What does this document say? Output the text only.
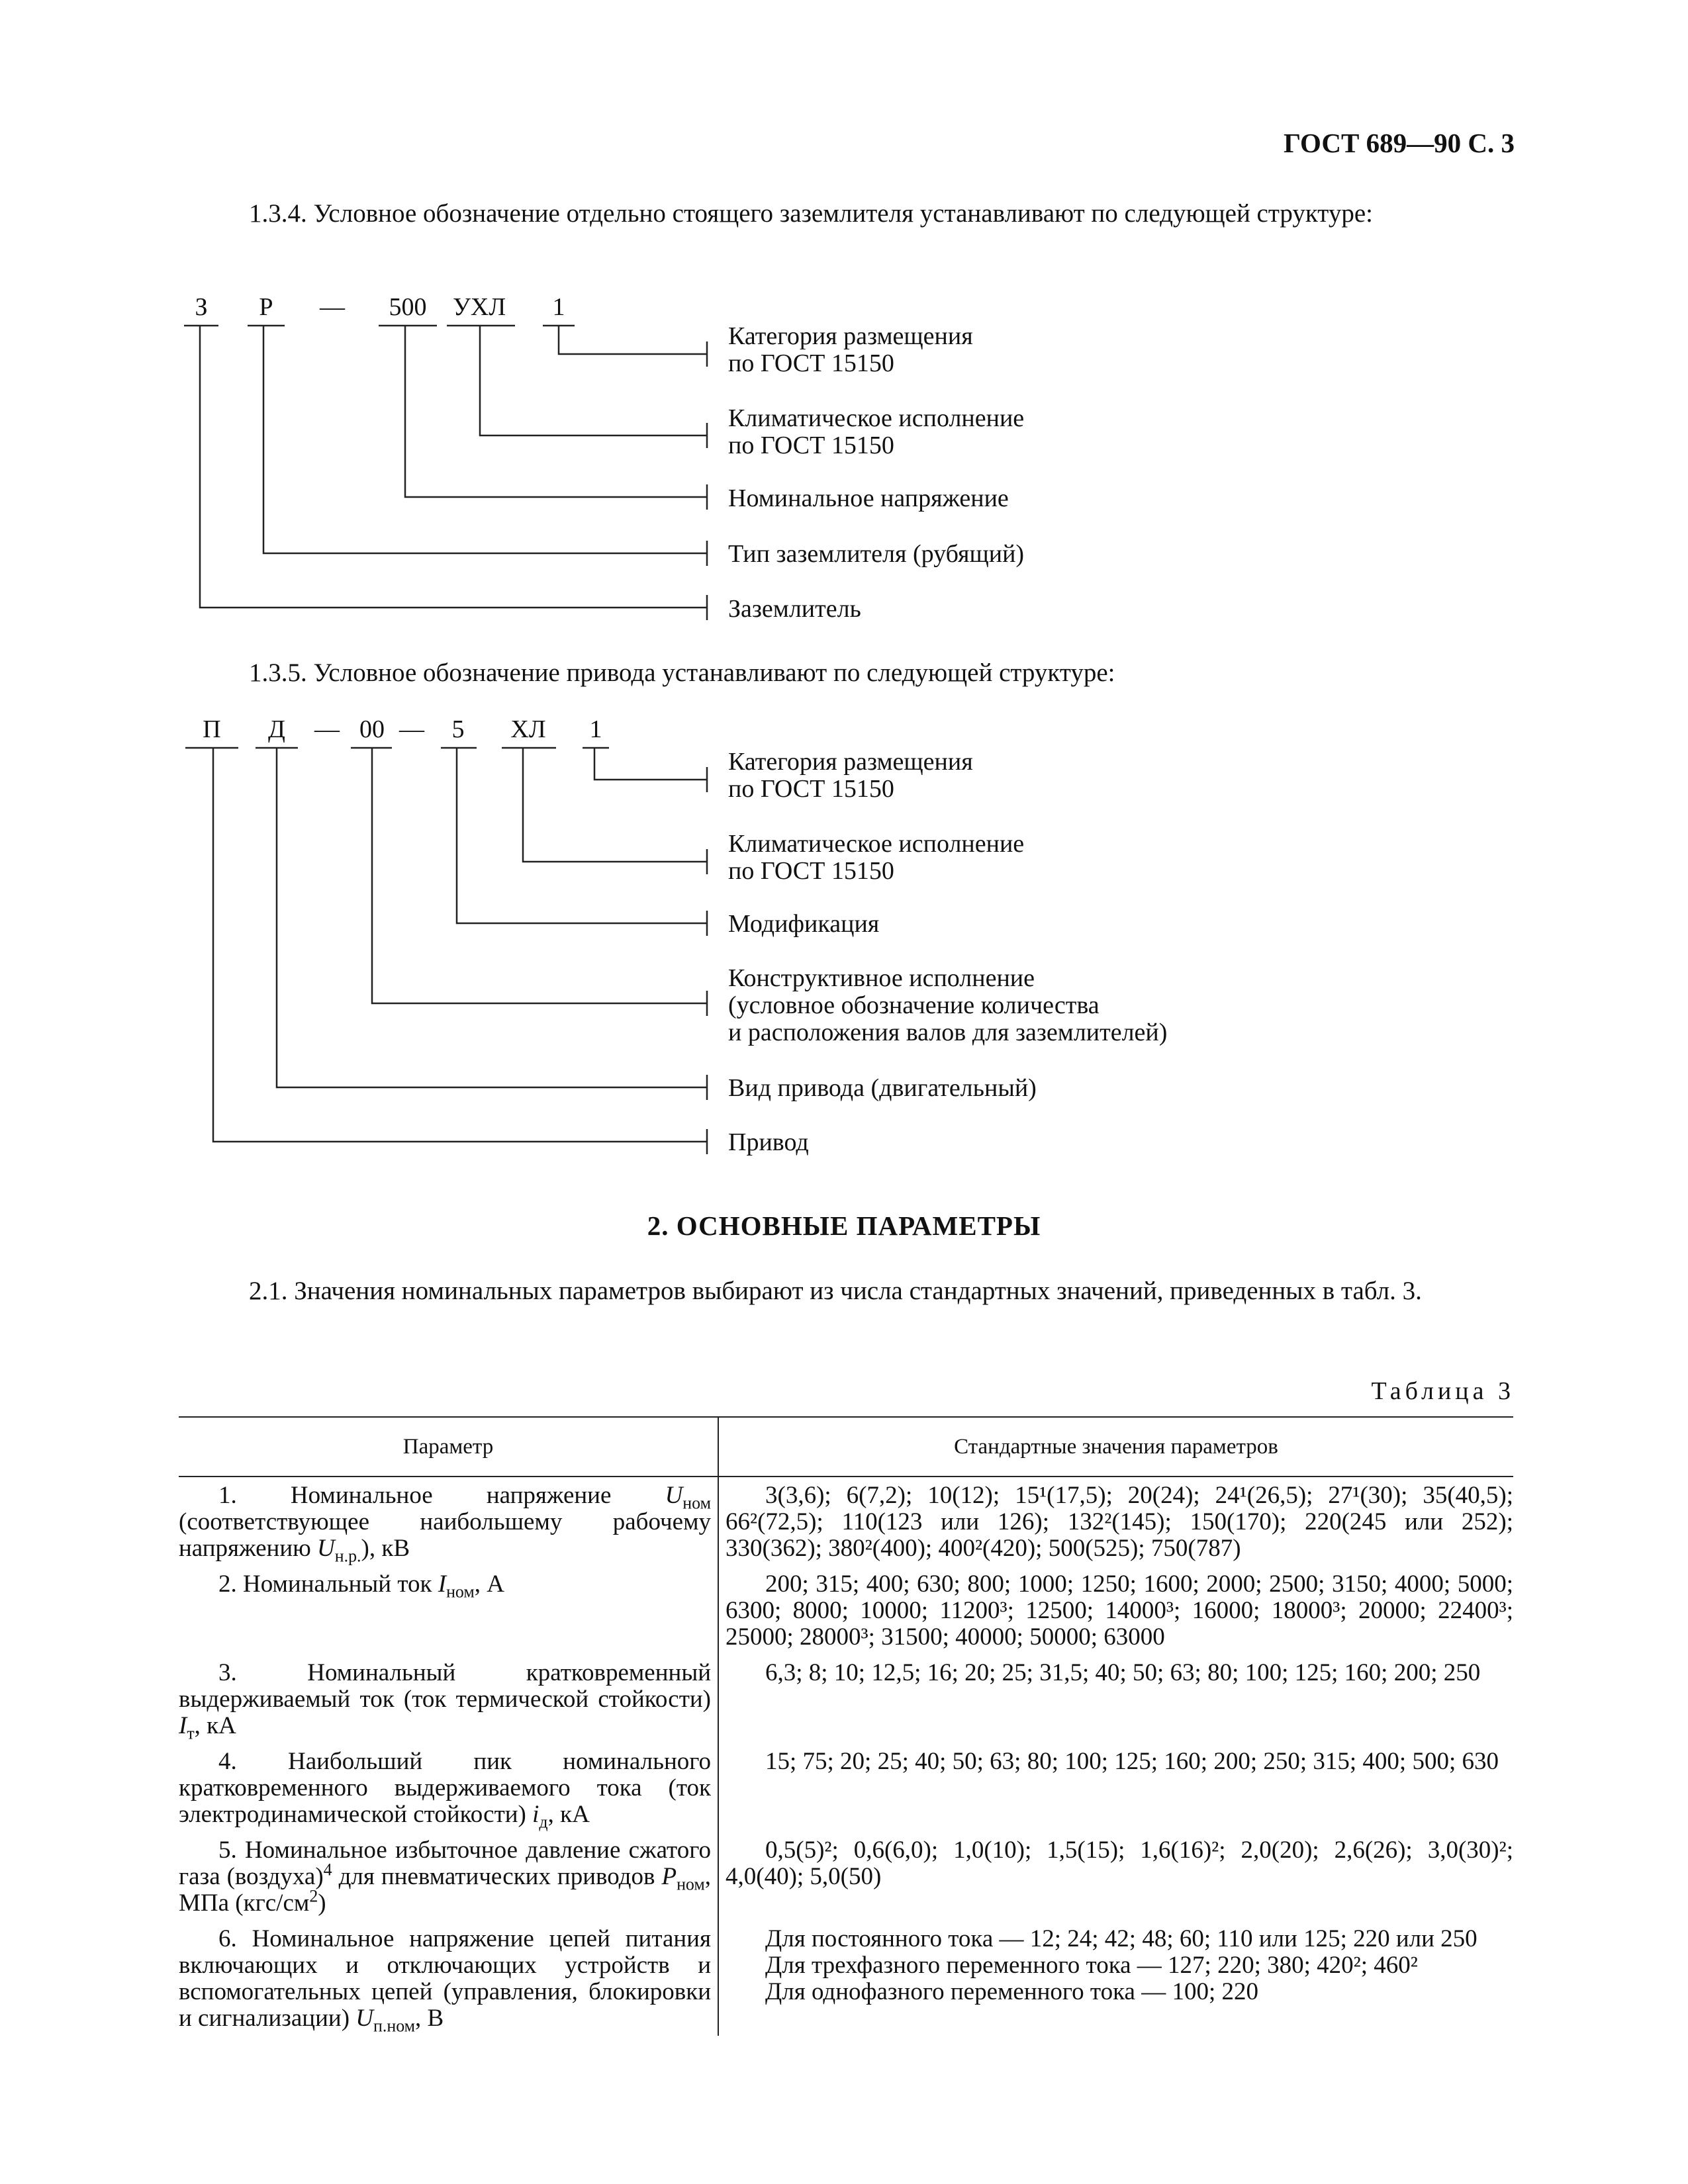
ГОСТ 689—90 С. 3
1.3.4. Условное обозначение отдельно стоящего заземлителя устанавливают по следующей структуре:
З	Р	—	500	УХЛ	1
Категория размещения
по ГОСТ 15150
Климатическое исполнение
по ГОСТ 15150
Номинальное напряжение
Тип заземлителя (рубящий)
Заземлитель
1.3.5. Условное обозначение привода устанавливают по следующей структуре:
П	Д	— 00 —	5	ХЛ	1
Категория размещения
по ГОСТ 15150
Климатическое исполнение
по ГОСТ 15150
Модификация
Конструктивное исполнение
(условное обозначение количества
и расположения валов для заземлителей)
Вид привода (двигательный)
Привод
2. ОСНОВНЫЕ ПАРАМЕТРЫ
2.1. Значения номинальных параметров выбирают из числа стандартных значений, приведенных в табл. 3.
Таблица 3
Параметр	Стандартные значения параметров
1. Номинальное напряжение $U_{ном}$ (соответствующее наибольшему рабочему напряжению $U_{н.р.}$), кВ	3(3,6); 6(7,2); 10(12); 15¹(17,5); 20(24); 24¹(26,5); 27¹(30); 35(40,5); 66²(72,5); 110(123 или 126); 132²(145); 150(170); 220(245 или 252); 330(362); 380²(400); 400²(420); 500(525); 750(787)
2. Номинальный ток $I_{ном}$, А	200; 315; 400; 630; 800; 1000; 1250; 1600; 2000; 2500; 3150; 4000; 5000; 6300; 8000; 10000; 11200³; 12500; 14000³; 16000; 18000³; 20000; 22400³; 25000; 28000³; 31500; 40000; 50000; 63000
3. Номинальный кратковременный выдерживаемый ток (ток термической стойкости) $I_т$, кА	6,3; 8; 10; 12,5; 16; 20; 25; 31,5; 40; 50; 63; 80; 100; 125; 160; 200; 250
4. Наибольший пик номинального кратковременного выдерживаемого тока (ток электродинамической стойкости) $i_д$, кА	15; 75; 20; 25; 40; 50; 63; 80; 100; 125; 160; 200; 250; 315; 400; 500; 630
5. Номинальное избыточное давление сжатого газа (воздуха)$^4$ для пневматических приводов $P_{ном}$, МПа $(кгс/см^2)$	0,5(5)²; 0,6(6,0); 1,0(10); 1,5(15); 1,6(16)²; 2,0(20); 2,6(26); 3,0(30)²; 4,0(40); 5,0(50)
6. Номинальное напряжение цепей питания включающих и отключающих устройств и вспомогательных цепей (управления, блокировки и сигнализации) $U_{п.ном}$, В	Для постоянного тока — 12; 24; 42; 48; 60; 110 или 125; 220 или 250
Для трехфазного переменного тока — 127; 220; 380; 420²; 460²
Для однофазного переменного тока — 100; 220
